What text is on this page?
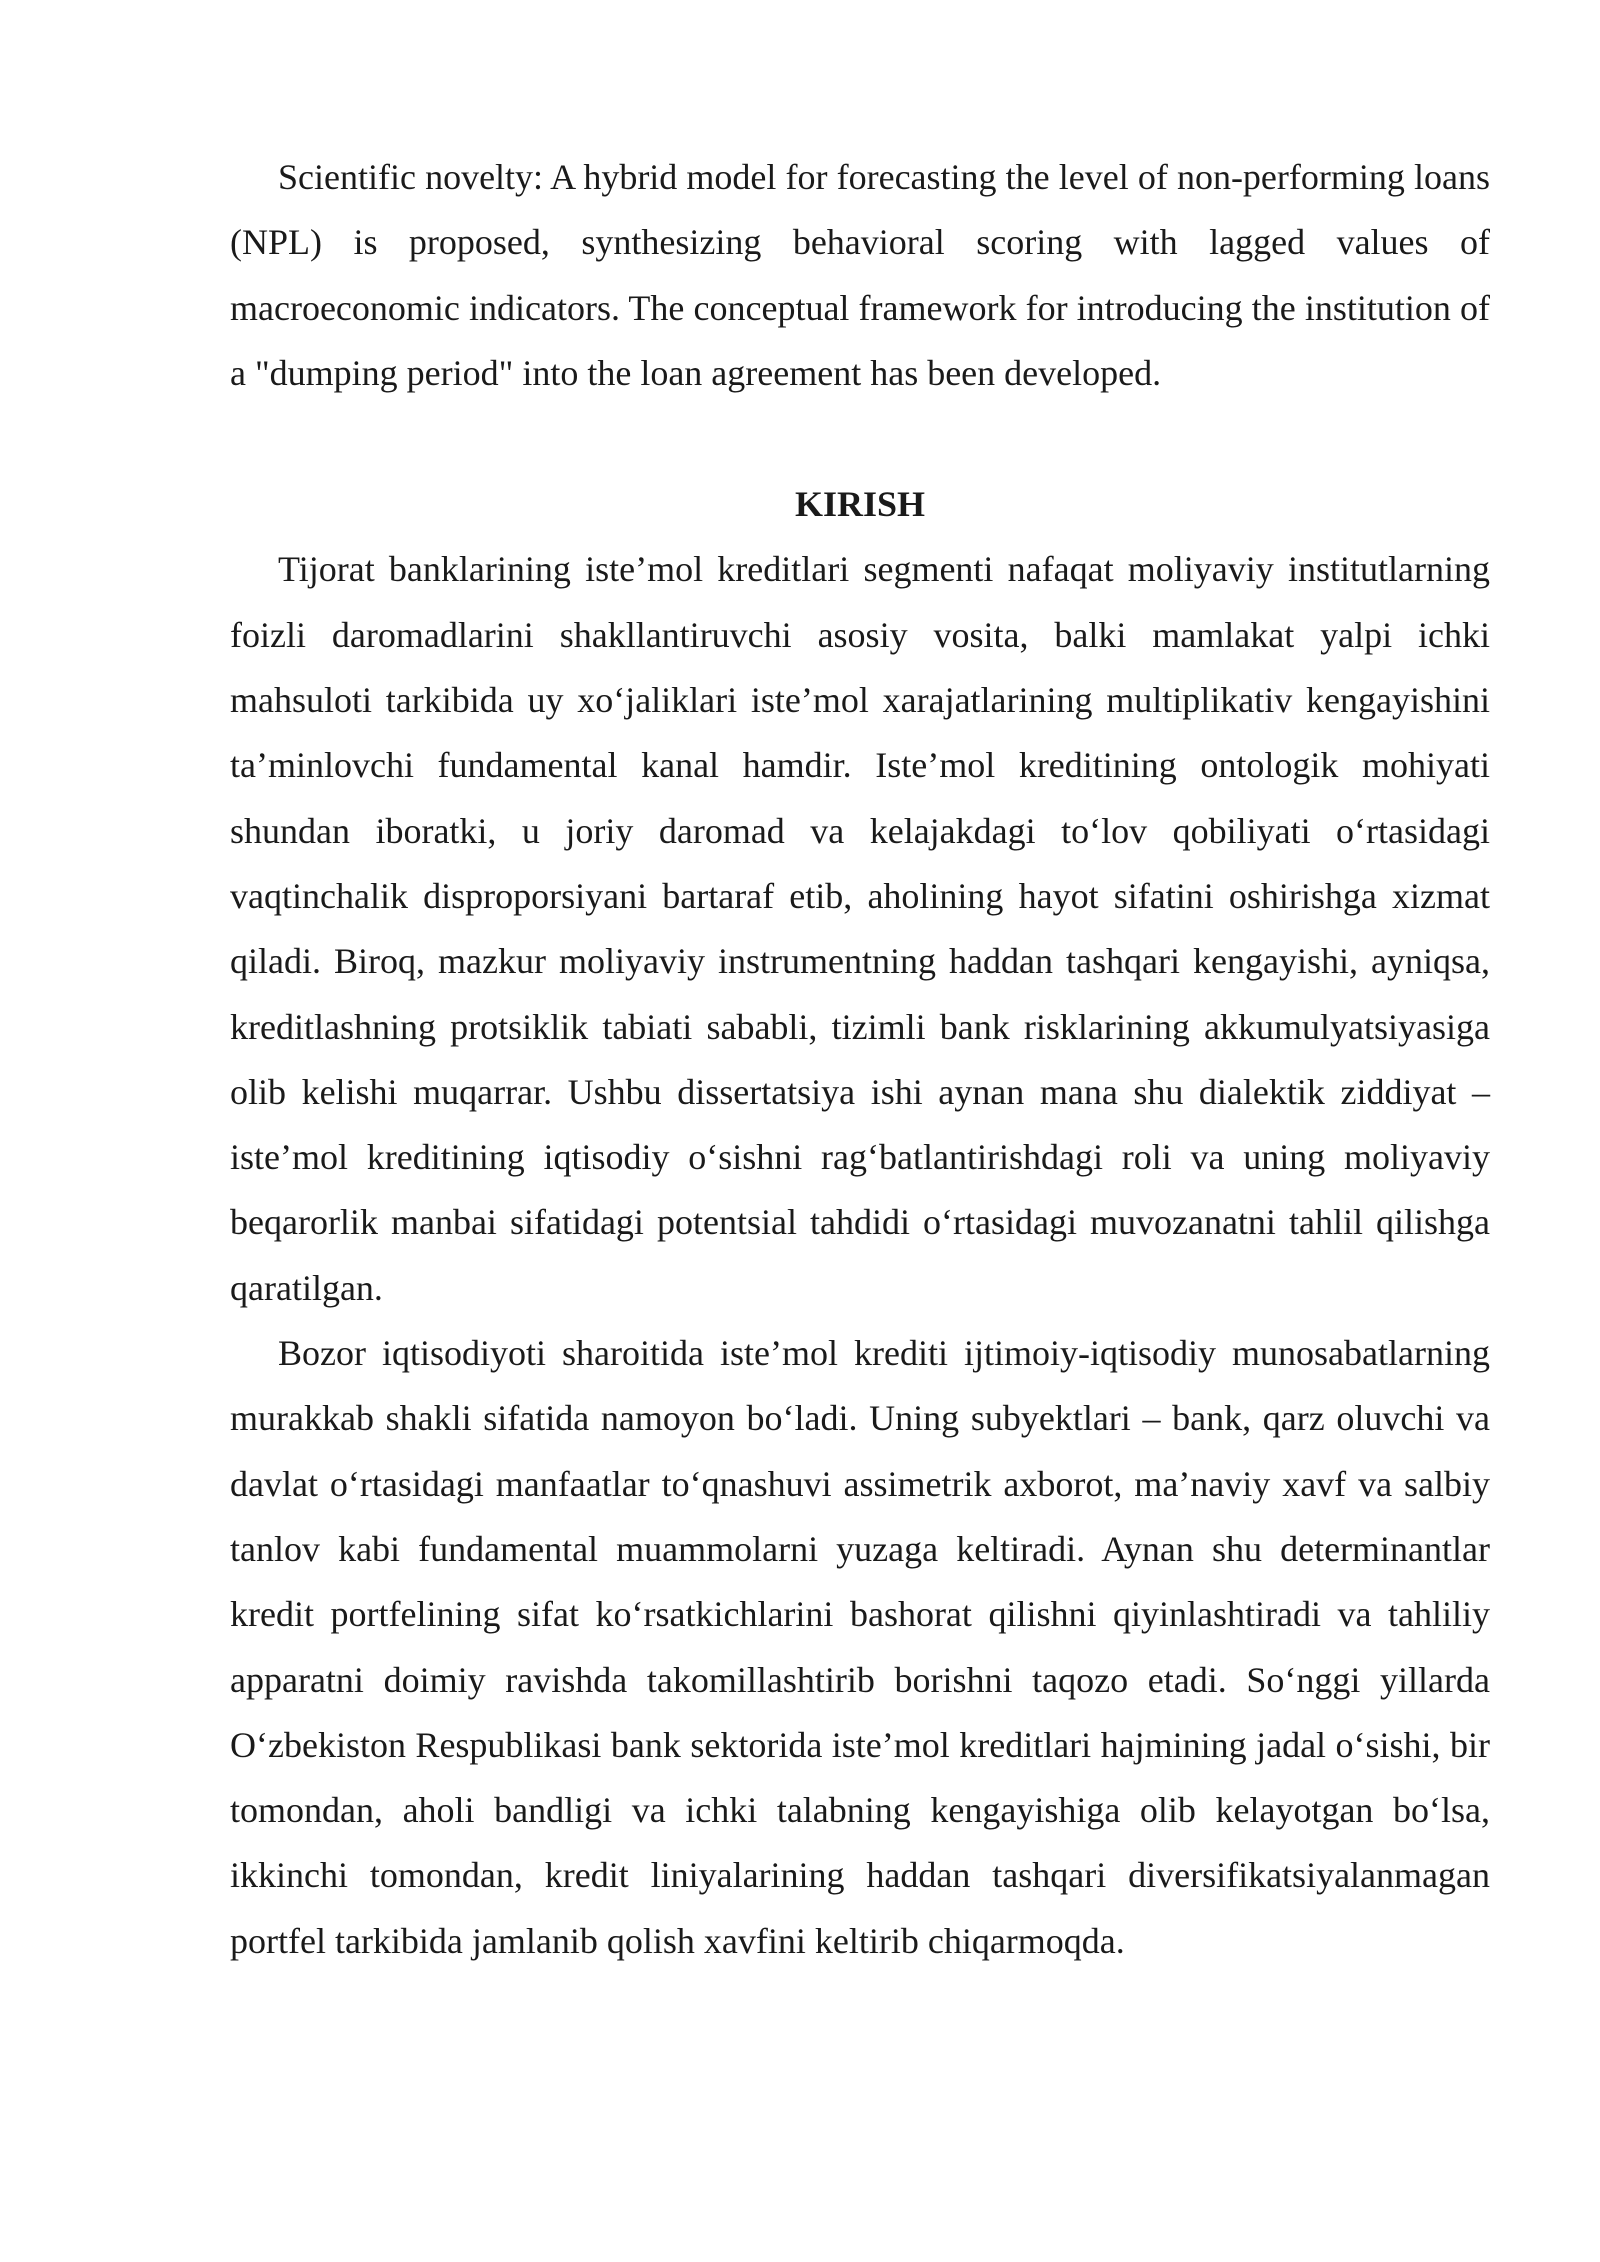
Scientific novelty: A hybrid model for forecasting the level of non-performing loans (NPL) is proposed, synthesizing behavioral scoring with lagged values of macroeconomic indicators. The conceptual framework for introducing the institution of a "dumping period" into the loan agreement has been developed.

KIRISH

Tijorat banklarining iste’mol kreditlari segmenti nafaqat moliyaviy institutlarning foizli daromadlarini shakllantiruvchi asosiy vosita, balki mamlakat yalpi ichki mahsuloti tarkibida uy xo‘jaliklari iste’mol xarajatlarining multiplikativ kengayishini ta’minlovchi fundamental kanal hamdir. Iste’mol kreditining ontologik mohiyati shundan iboratki, u joriy daromad va kelajakdagi to‘lov qobiliyati o‘rtasidagi vaqtinchalik disproporsiyani bartaraf etib, aholining hayot sifatini oshirishga xizmat qiladi. Biroq, mazkur moliyaviy instrumentning haddan tashqari kengayishi, ayniqsa, kreditlashning protsiklik tabiati sababli, tizimli bank risklarining akkumulyatsiyasiga olib kelishi muqarrar. Ushbu dissertatsiya ishi aynan mana shu dialektik ziddiyat – iste’mol kreditining iqtisodiy o‘sishni rag‘batlantirishdagi roli va uning moliyaviy beqarorlik manbai sifatidagi potentsial tahdidi o‘rtasidagi muvozanatni tahlil qilishga qaratilgan.

Bozor iqtisodiyoti sharoitida iste’mol krediti ijtimoiy-iqtisodiy munosabatlarning murakkab shakli sifatida namoyon bo‘ladi. Uning subyektlari – bank, qarz oluvchi va davlat o‘rtasidagi manfaatlar to‘qnashuvi assimetrik axborot, ma’naviy xavf va salbiy tanlov kabi fundamental muammolarni yuzaga keltiradi. Aynan shu determinantlar kredit portfelining sifat ko‘rsatkichlarini bashorat qilishni qiyinlashtiradi va tahliliy apparatni doimiy ravishda takomillashtirib borishni taqozo etadi. So‘nggi yillarda O‘zbekiston Respublikasi bank sektorida iste’mol kreditlari hajmining jadal o‘sishi, bir tomondan, aholi bandligi va ichki talabning kengayishiga olib kelayotgan bo‘lsa, ikkinchi tomondan, kredit liniyalarining haddan tashqari diversifikatsiyalanmagan portfel tarkibida jamlanib qolish xavfini keltirib chiqarmoqda.
